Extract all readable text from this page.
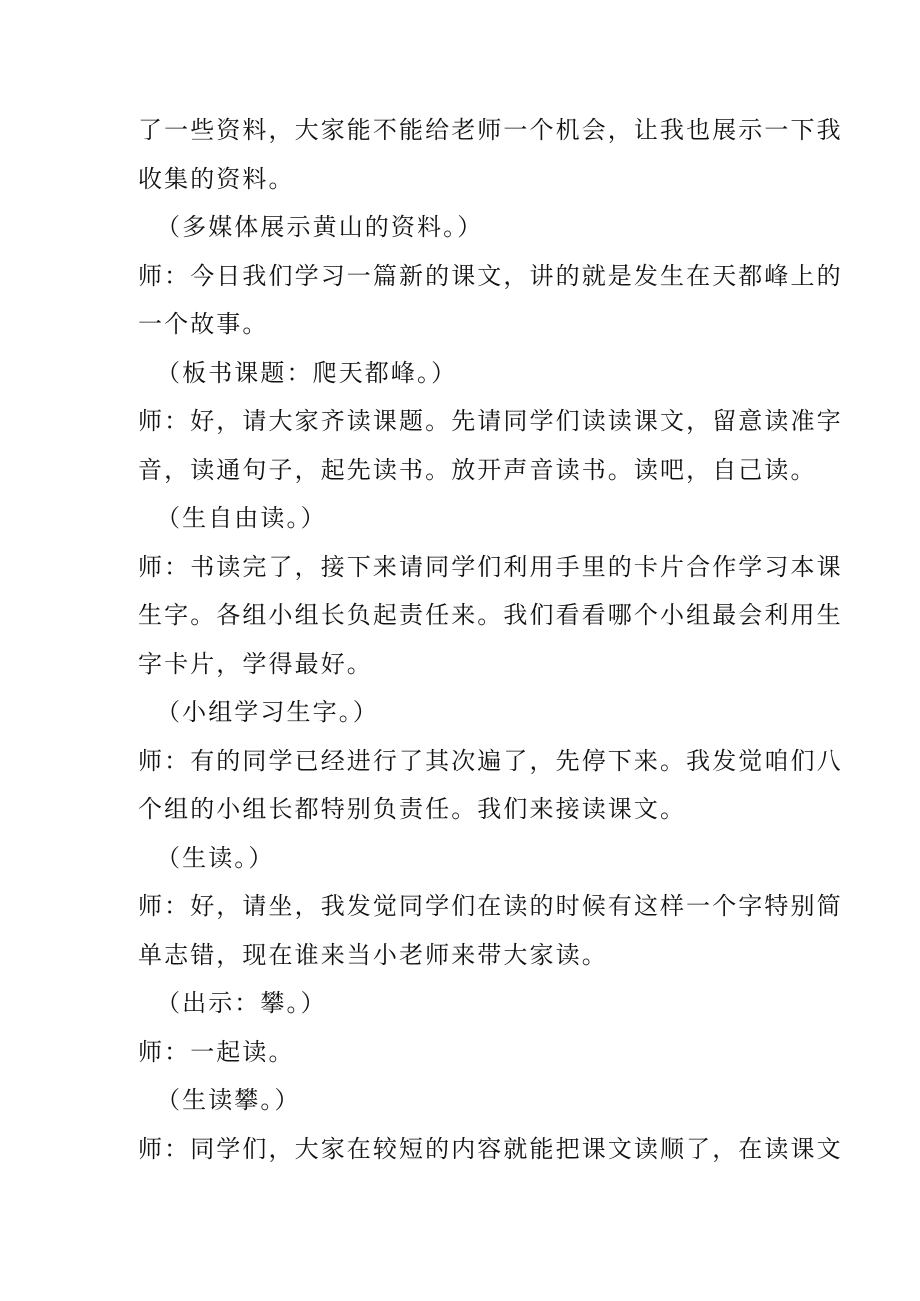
了一些资料，大家能不能给老师一个机会，让我也展示一下我
收集的资料。
（多媒体展示黄山的资料。）
师：今日我们学习一篇新的课文，讲的就是发生在天都峰上的
一个故事。
（板书课题：爬天都峰。）
师：好，请大家齐读课题。先请同学们读读课文，留意读准字
音，读通句子，起先读书。放开声音读书。读吧，自己读。
（生自由读。）
师：书读完了，接下来请同学们利用手里的卡片合作学习本课
生字。各组小组长负起责任来。我们看看哪个小组最会利用生
字卡片，学得最好。
（小组学习生字。）
师：有的同学已经进行了其次遍了，先停下来。我发觉咱们八
个组的小组长都特别负责任。我们来接读课文。
（生读。）
师：好，请坐，我发觉同学们在读的时候有这样一个字特别简
单志错，现在谁来当小老师来带大家读。
（出示：攀。）
师：一起读。
（生读攀。）
师：同学们，大家在较短的内容就能把课文读顺了，在读课文
